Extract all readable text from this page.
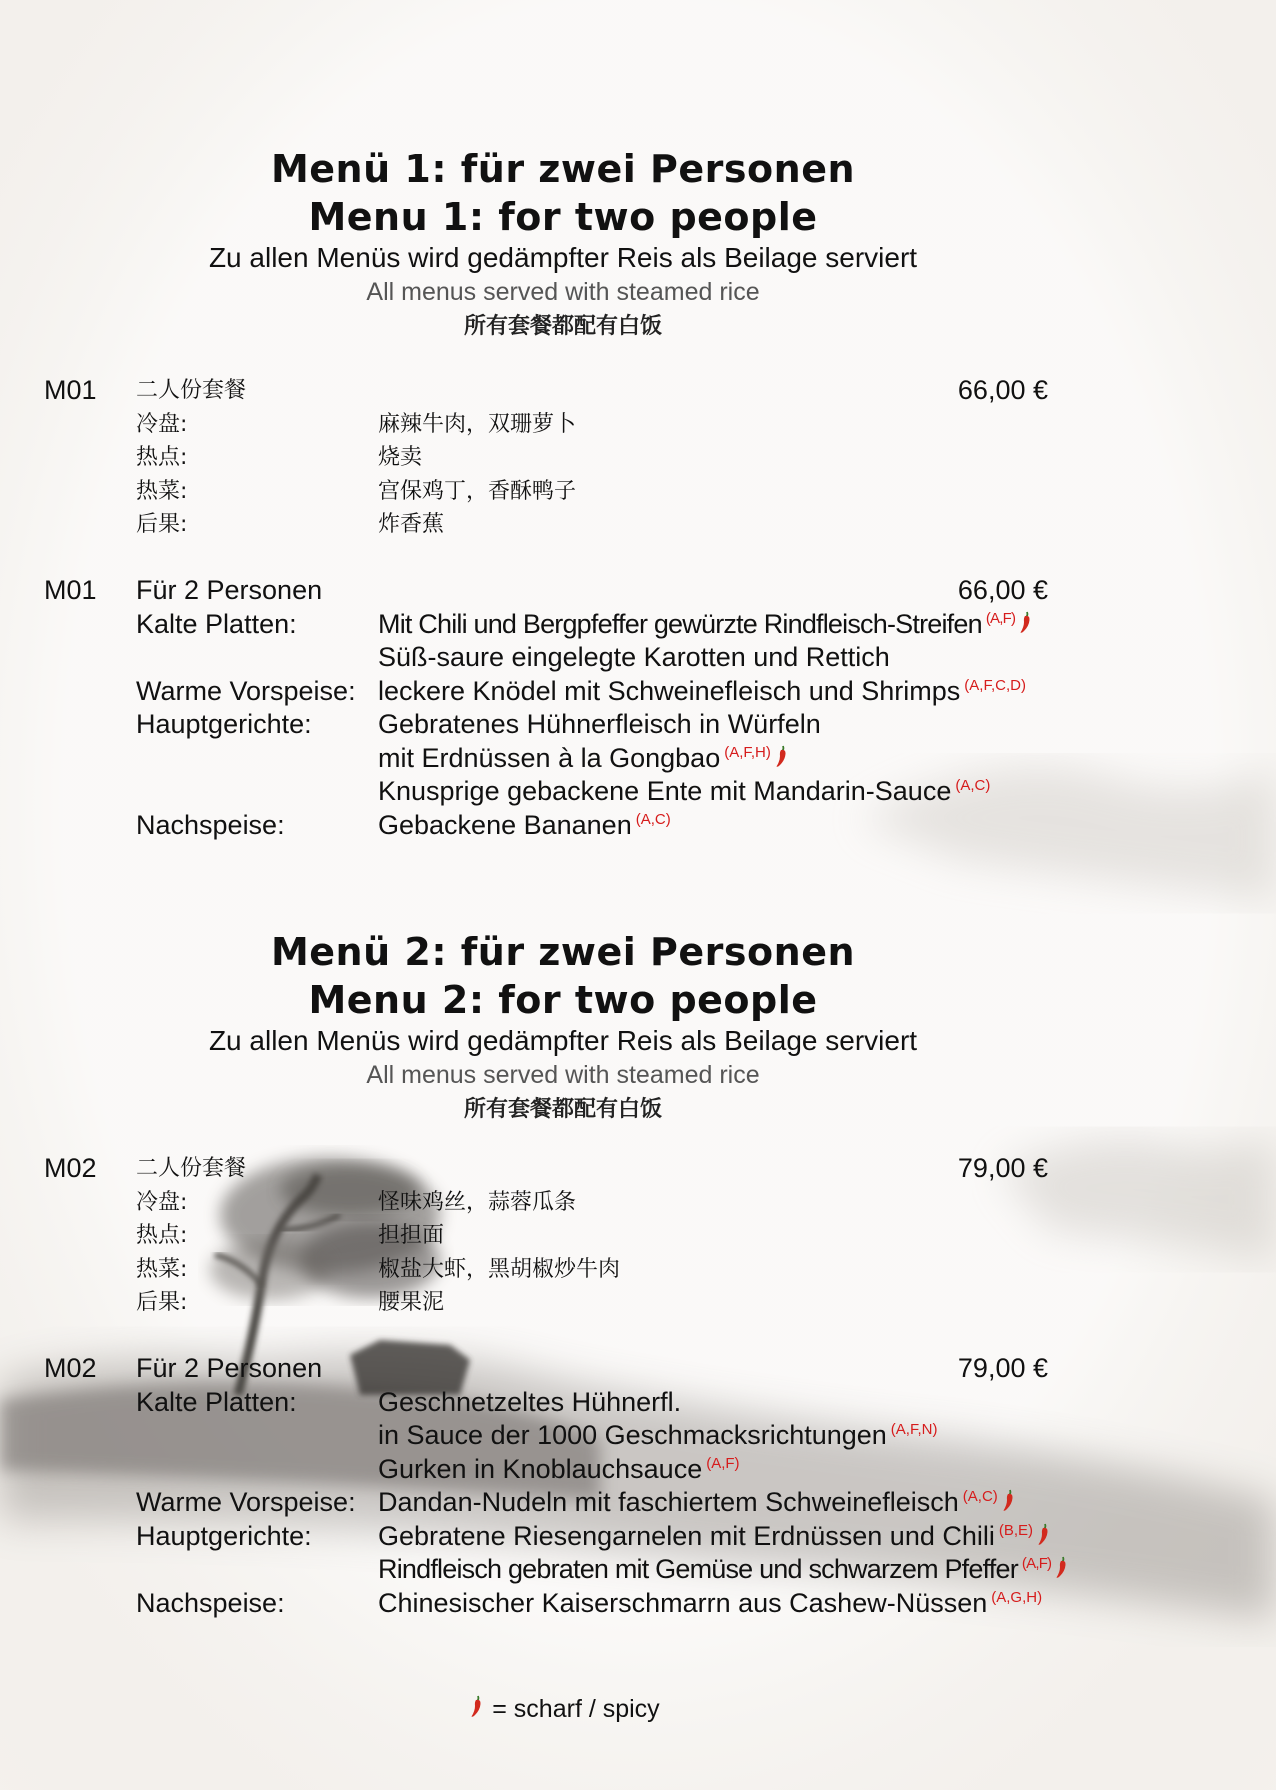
Menü 1: für zwei Personen
Menu 1: for two people
Zu allen Menüs wird gedämpfter Reis als Beilage serviert
All menus served with steamed rice
所有套餐都配有白饭
M01 二人份套餐	66,00 €
冷盘:	麻辣牛肉，双珊萝卜
热点:	烧卖
热菜:	宫保鸡丁，香酥鸭子
后果:	炸香蕉
M01 Für 2 Personen	66,00 €
Kalte Platten:	Mit Chili und Bergpfeffer gewürzte Rindfleisch-Streifen $^{(A,F)}$
Süß-saure eingelegte Karotten und Rettich
Warme Vorspeise: leckere Knödel mit Schweinefleisch und Shrimps $^{(A,F,C,D)}$
Hauptgerichte: Gebratenes Hühnerfleisch in Würfeln
mit Erdnüssen à la Gongbao $^{(A,F,H)}$
Knusprige gebackene Ente mit Mandarin-Sauce $^{(A,C)}$
Nachspeise:	Gebackene Bananen $^{(A,C)}$
Menü 2: für zwei Personen
Menu 2: for two people
Zu allen Menüs wird gedämpfter Reis als Beilage serviert
All menus served with steamed rice
所有套餐都配有白饭
M02 二人份套餐	79,00 €
冷盘:	怪味鸡丝，蒜蓉瓜条
热点:	担担面
热菜:	椒盐大虾，黑胡椒炒牛肉
后果:	腰果泥
M02 Für 2 Personen	79,00 €
Kalte Platten:	Geschnetzeltes Hühnerfl.
in Sauce der 1000 Geschmacksrichtungen $^{(A,F,N)}$
Gurken in Knoblauchsauce $^{(A,F)}$
Warme Vorspeise: Dandan-Nudeln mit faschiertem Schweinefleisch $^{(A,C)}$
Hauptgerichte: Gebratene Riesengarnelen mit Erdnüssen und Chili $^{(B,E)}$
Rindfleisch gebraten mit Gemüse und schwarzem Pfeffer $^{(A,F)}$
Nachspeise:	Chinesischer Kaiserschmarrn aus Cashew-Nüssen $^{(A,G,H)}$
= scharf / spicy
